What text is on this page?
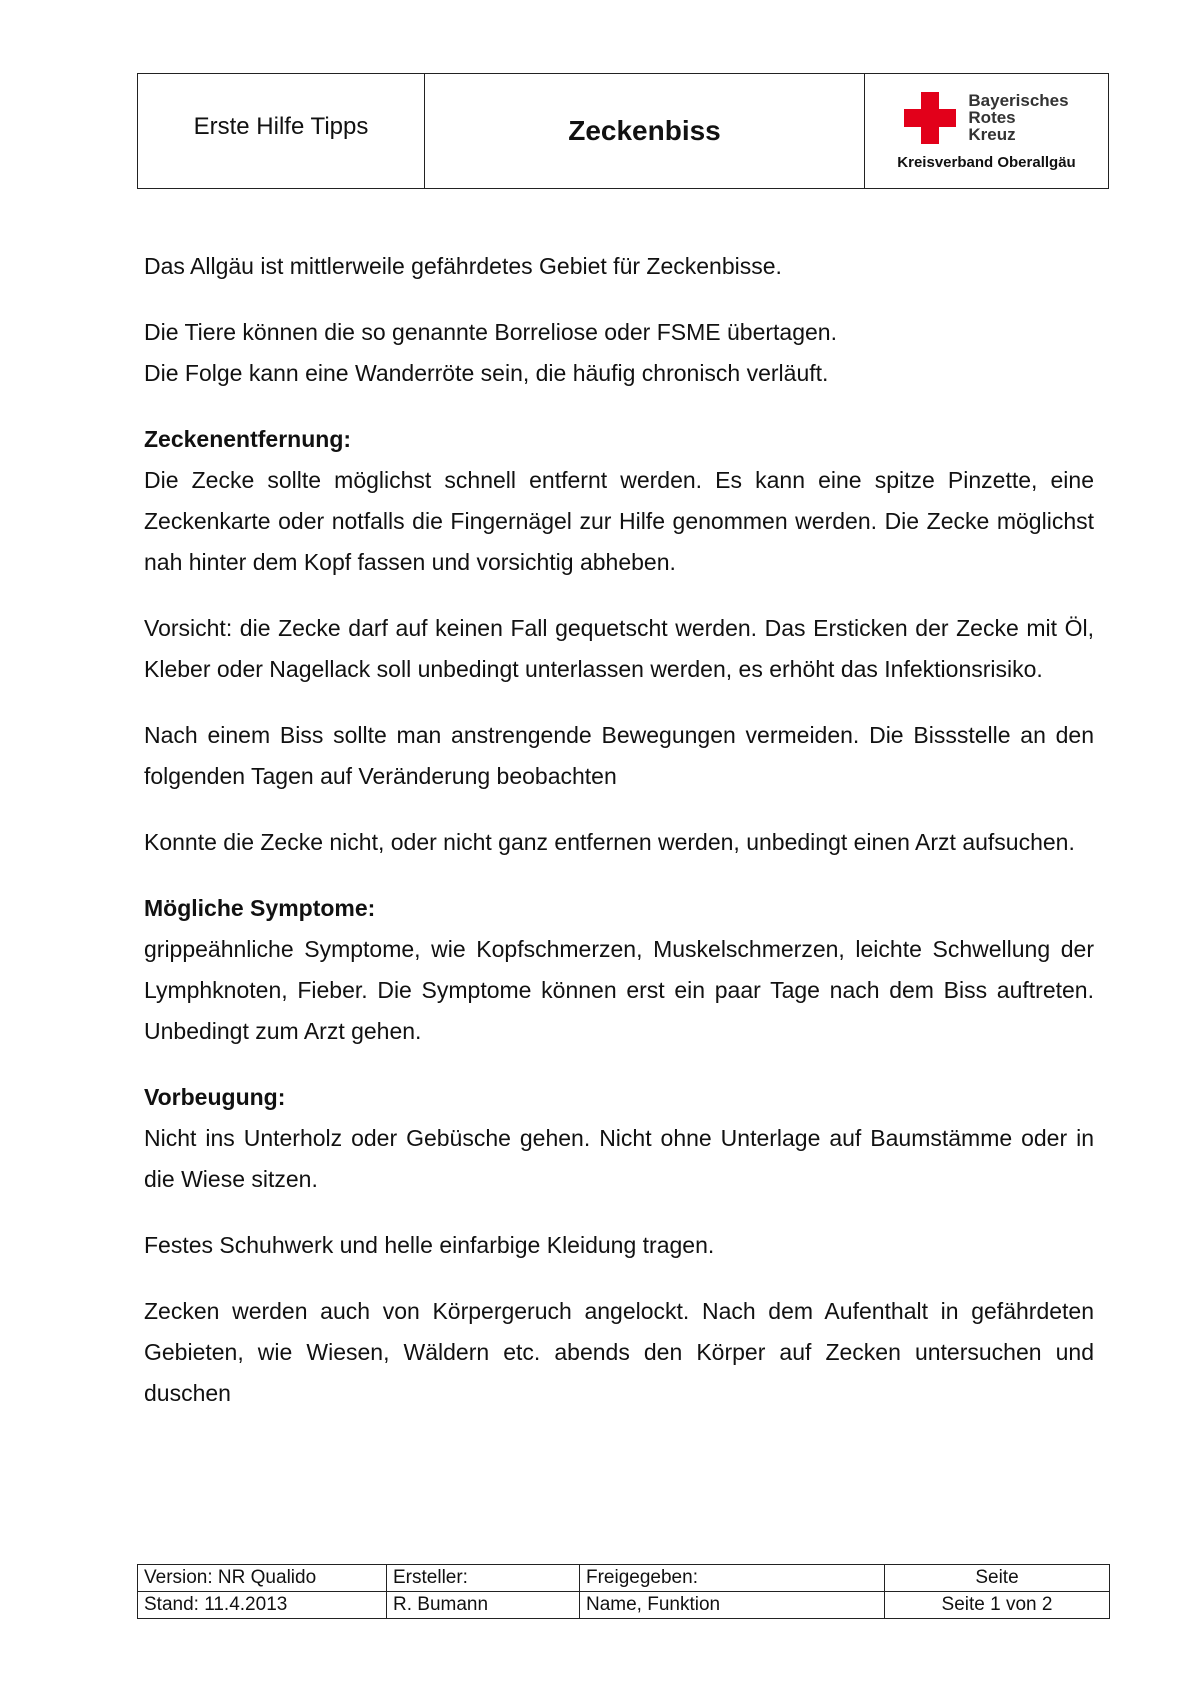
Erste Hilfe Tipps	Zeckenbiss
Bayerisches
Rotes
Kreuz
Kreisverband Oberallgäu

Das Allgäu ist mittlerweile gefährdetes Gebiet für Zeckenbisse.

Die Tiere können die so genannte Borreliose oder FSME übertagen.
Die Folge kann eine Wanderröte sein, die häufig chronisch verläuft.

Zeckenentfernung:

Die Zecke sollte möglichst schnell entfernt werden. Es kann eine spitze Pinzette, eine Zeckenkarte oder notfalls die Fingernägel zur Hilfe genommen werden. Die Zecke möglichst nah hinter dem Kopf fassen und vorsichtig abheben.

Vorsicht: die Zecke darf auf keinen Fall gequetscht werden. Das Ersticken der Zecke mit Öl, Kleber oder Nagellack soll unbedingt unterlassen werden, es erhöht das Infektionsrisiko.

Nach einem Biss sollte man anstrengende Bewegungen vermeiden. Die Bissstelle an den folgenden Tagen auf Veränderung beobachten

Konnte die Zecke nicht, oder nicht ganz entfernen werden, unbedingt einen Arzt aufsuchen.

Mögliche Symptome:

grippeähnliche Symptome, wie Kopfschmerzen, Muskelschmerzen, leichte Schwellung der Lymphknoten, Fieber. Die Symptome können erst ein paar Tage nach dem Biss auftreten. Unbedingt zum Arzt gehen.

Vorbeugung:

Nicht ins Unterholz oder Gebüsche gehen. Nicht ohne Unterlage auf Baumstämme oder in die Wiese sitzen.

Festes Schuhwerk und helle einfarbige Kleidung tragen.

Zecken werden auch von Körpergeruch angelockt. Nach dem Aufenthalt in gefährdeten Gebieten, wie Wiesen, Wäldern etc. abends den Körper auf Zecken untersuchen und duschen

Version: NR Qualido	Ersteller:	Freigegeben:	Seite
Stand: 11.4.2013	R. Bumann	Name, Funktion	Seite 1 von 2
